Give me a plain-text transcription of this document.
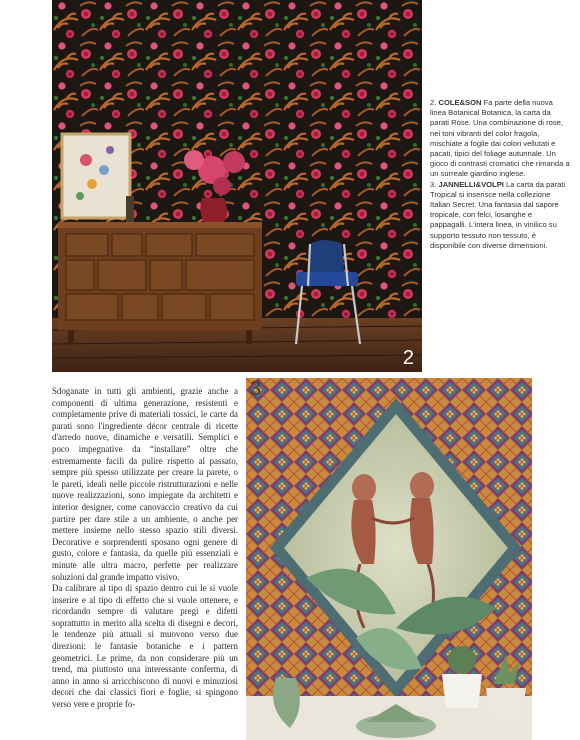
2

2. COLE&SON Fa parte della nuova linea Botanical Botanica, la carta da parati Rose. Una combinazione di rose, nei toni vibranti del color fragola, mischiate a foglie dai colori vellutati e pacati, tipici del foliage autunnale. Un gioco di contrasti cromatici che rimanda a un surreale giardino inglese.

3. JANNELLI&VOLPI La carta da parati Tropical si inserisce nella collezione Italian Secret. Una fantasia dal sapore tropicale, con felci, losanghe e pappagalli. L'intera linea, in vinilico su supporto tessuto non tessuto, è disponibile con diverse dimensioni.

Sdoganate in tutti gli ambienti, grazie anche a componenti di ultima generazione, resistenti e completamente prive di materiali tossici, le carte da parati sono l'ingrediente décor centrale di ricette d'arredo nuove, dinamiche e versatili. Semplici e poco impegnative da “installare” oltre che estremamente facili da pulire rispetto al passato, sempre più spesso utilizzate per creare la parete, o le pareti, ideali nelle piccole ristrutturazioni e nelle nuove realizzazioni, sono impiegate da architetti e interior designer, come canovaccio creativo da cui partire per dare stile a un ambiente, o anche per mettere insieme nello stesso spazio stili diversi. Decorative e sorprendenti sposano ogni genere di gusto, colore e fantasia, da quelle più essenziali e minute alle ultra macro, perfette per realizzare soluzioni dal grande impatto visivo.

Da calibrare al tipo di spazio dentro cui le si vuole inserire e al tipo di effetto che si vuole ottenere, e ricordando sempre di valutare pregi e difetti soprattutto in merito alla scelta di disegni e decori, le tendenze più attuali si muovono verso due direzioni: le fantasie botaniche e i pattern geometrici. Le prime, da non considerare più un trend, ma piuttosto una interessante conferma, di anno in anno si arricchiscono di nuovi e minuziosi decori che dai classici fiori e foglie, si spingono verso vere e proprie fo-

3
